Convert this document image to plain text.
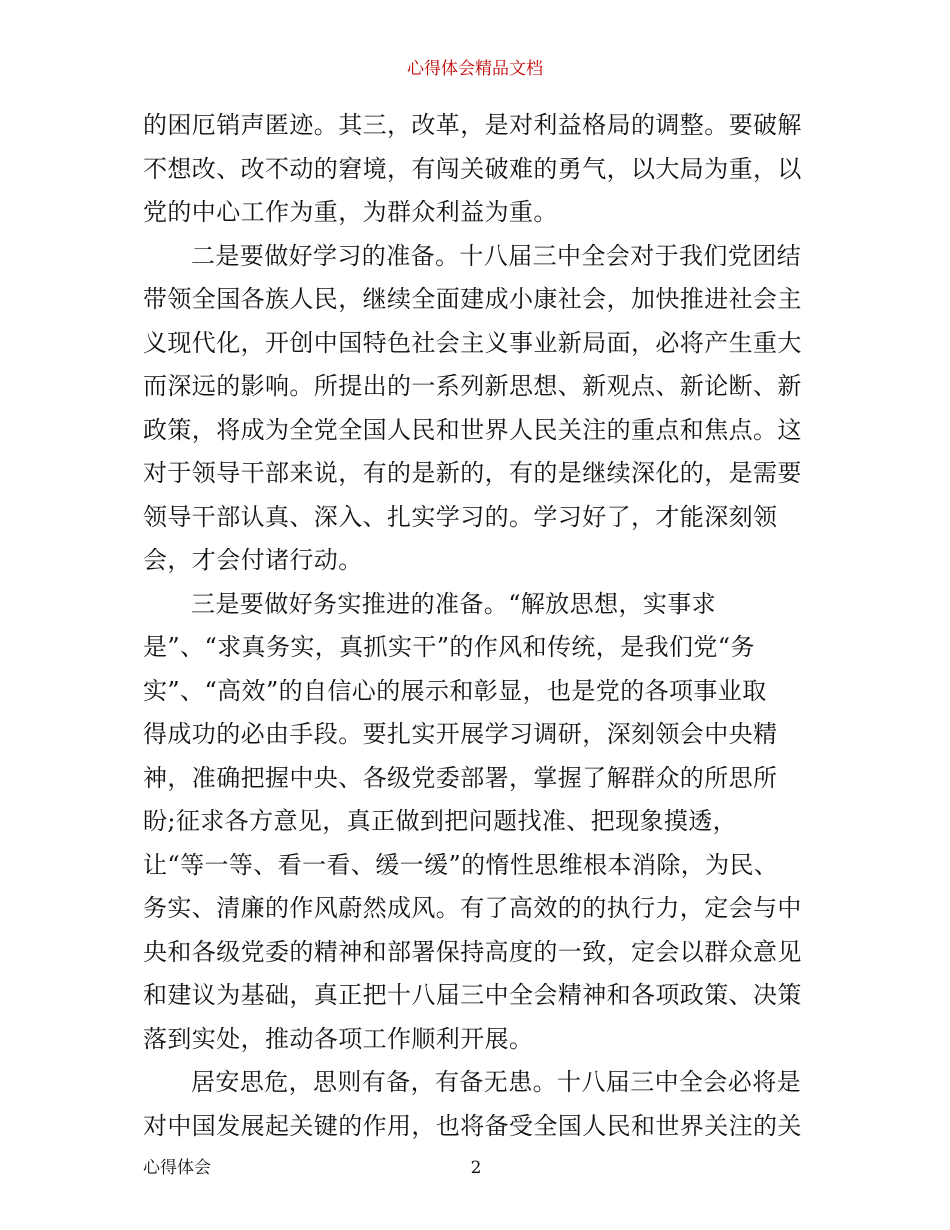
心得体会精品文档
的困厄销声匿迹。其三，改革，是对利益格局的调整。要破解
不想改、改不动的窘境，有闯关破难的勇气，以大局为重，以
党的中心工作为重，为群众利益为重。
二是要做好学习的准备。十八届三中全会对于我们党团结
带领全国各族人民，继续全面建成小康社会，加快推进社会主
义现代化，开创中国特色社会主义事业新局面，必将产生重大
而深远的影响。所提出的一系列新思想、新观点、新论断、新
政策，将成为全党全国人民和世界人民关注的重点和焦点。这
对于领导干部来说，有的是新的，有的是继续深化的，是需要
领导干部认真、深入、扎实学习的。学习好了，才能深刻领
会，才会付诸行动。
三是要做好务实推进的准备。“解放思想，实事求
是”、“求真务实，真抓实干”的作风和传统，是我们党“务
实”、“高效”的自信心的展示和彰显，也是党的各项事业取
得成功的必由手段。要扎实开展学习调研，深刻领会中央精
神，准确把握中央、各级党委部署，掌握了解群众的所思所
盼;征求各方意见，真正做到把问题找准、把现象摸透，
让“等一等、看一看、缓一缓”的惰性思维根本消除，为民、
务实、清廉的作风蔚然成风。有了高效的的执行力，定会与中
央和各级党委的精神和部署保持高度的一致，定会以群众意见
和建议为基础，真正把十八届三中全会精神和各项政策、决策
落到实处，推动各项工作顺利开展。
居安思危，思则有备，有备无患。十八届三中全会必将是
对中国发展起关键的作用，也将备受全国人民和世界关注的关
心得体会	2
